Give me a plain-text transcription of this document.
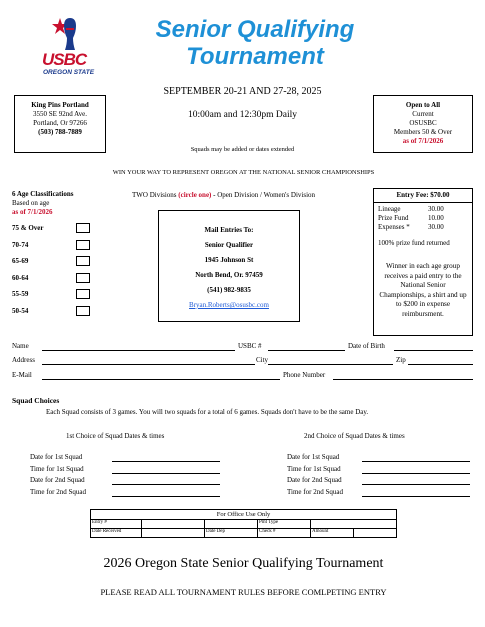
USBC
OREGON STATE
Senior Qualifying
Tournament
King Pins Portland
3550 SE 92nd Ave.
Portland, Or 97266
(503) 788-7889
SEPTEMBER 20-21 AND 27-28, 2025
10:00am and 12:30pm Daily
Squads may be added or dates extended
Open to All
Current
OSUSBC
Members 50 & Over
as of 7/1/2026
WIN YOUR WAY TO REPRESENT OREGON AT THE NATIONAL SENIOR CHAMPIONSHIPS
6 Age Classifications
Based on age
as of 7/1/2026
75 & Over
70-74
65-69
60-64
55-59
50-54
TWO Divisions (circle one) - Open Division / Women's Division
Mail Entries To:
Senior Qualifier
1945 Johnson St
North Bend, Or. 97459
(541) 982-9835
Bryan.Roberts@osusbc.com
Entry Fee: $70.00
Lineage	30.00
Prize Fund	10.00
Expenses *	30.00
100% prize fund returned
Winner in each age group receives a paid entry to the National Senior Championships, a shirt and up to $200 in expense reimbursment.
Name	USBC #	Date of Birth
Address	City	Zip
E-Mail	Phone Number
Squad Choices
Each Squad consists of 3 games. You will two squads for a total of 6 games. Squads don't have to be the same Day.
1st Choice of Squad Dates & times	2nd Choice of Squad Dates & times
Date for 1st Squad	Date for 1st Squad
Time for 1st Squad	Time for 1st Squad
Date for 2nd Squad	Date for 2nd Squad
Time for 2nd Squad	Time for 2nd Squad
For Office Use Only
Entry #			Pmt Type		
Date Received		Date Dep	Check #	Amount	
2026 Oregon State Senior Qualifying Tournament
PLEASE READ ALL TOURNAMENT RULES BEFORE COMLPETING ENTRY
